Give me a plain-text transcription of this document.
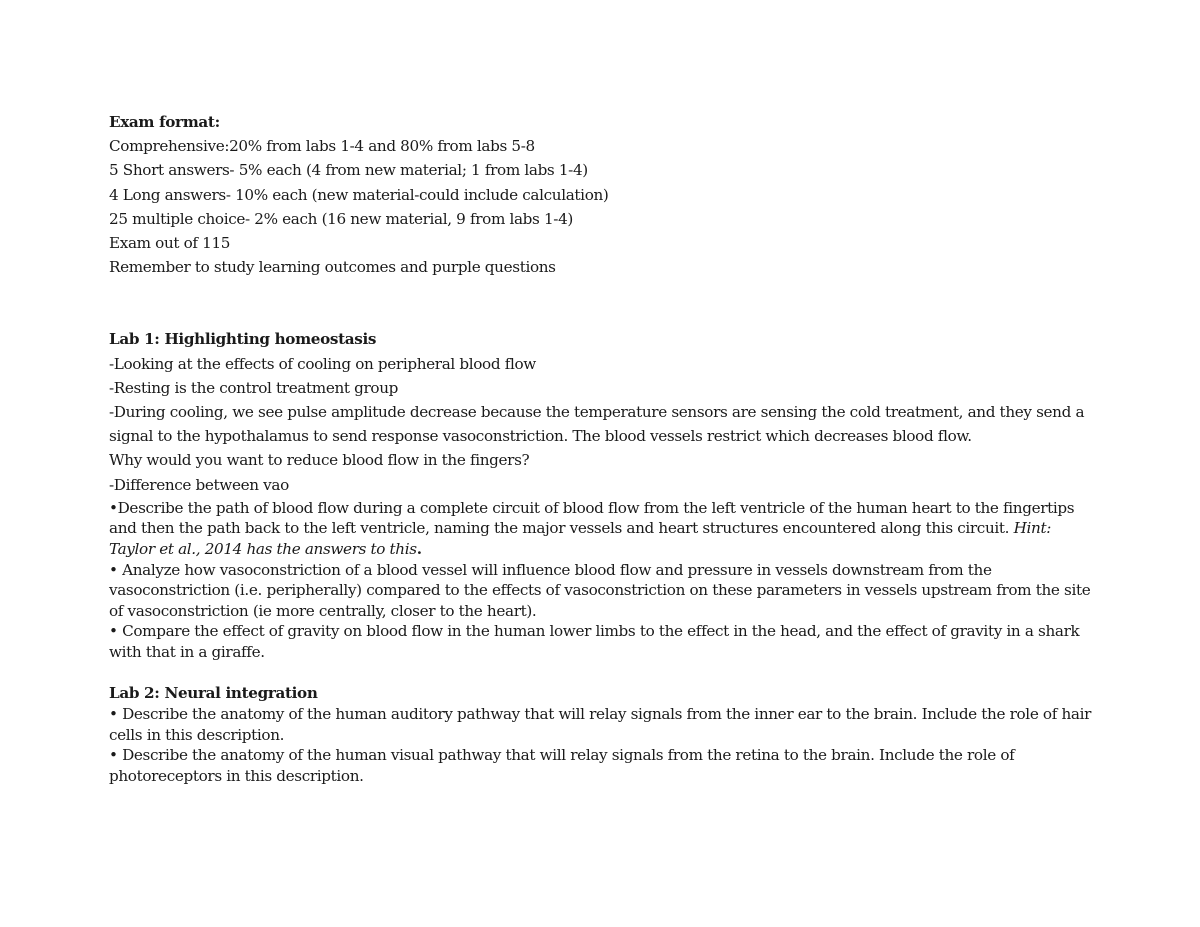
Exam format:
Comprehensive:20% from labs 1-4 and 80% from labs 5-8
5 Short answers- 5% each (4 from new material; 1 from labs 1-4)
4 Long answers- 10% each (new material-could include calculation)
25 multiple choice- 2% each (16 new material, 9 from labs 1-4)
Exam out of 115
Remember to study learning outcomes and purple questions
Lab 1: Highlighting homeostasis
-Looking at the effects of cooling on peripheral blood flow
-Resting is the control treatment group
-During cooling, we see pulse amplitude decrease because the temperature sensors are sensing the cold treatment, and they send a signal to the hypothalamus to send response vasoconstriction. The blood vessels restrict which decreases blood flow.
Why would you want to reduce blood flow in the fingers?
-Difference between vao
•Describe the path of blood flow during a complete circuit of blood flow from the left ventricle of the human heart to the fingertips and then the path back to the left ventricle, naming the major vessels and heart structures encountered along this circuit. Hint: Taylor et al., 2014 has the answers to this.
• Analyze how vasoconstriction of a blood vessel will influence blood flow and pressure in vessels downstream from the vasoconstriction (i.e. peripherally) compared to the effects of vasoconstriction on these parameters in vessels upstream from the site of vasoconstriction (ie more centrally, closer to the heart).
• Compare the effect of gravity on blood flow in the human lower limbs to the effect in the head, and the effect of gravity in a shark with that in a giraffe.
Lab 2: Neural integration
• Describe the anatomy of the human auditory pathway that will relay signals from the inner ear to the brain. Include the role of hair cells in this description.
• Describe the anatomy of the human visual pathway that will relay signals from the retina to the brain. Include the role of photoreceptors in this description.
